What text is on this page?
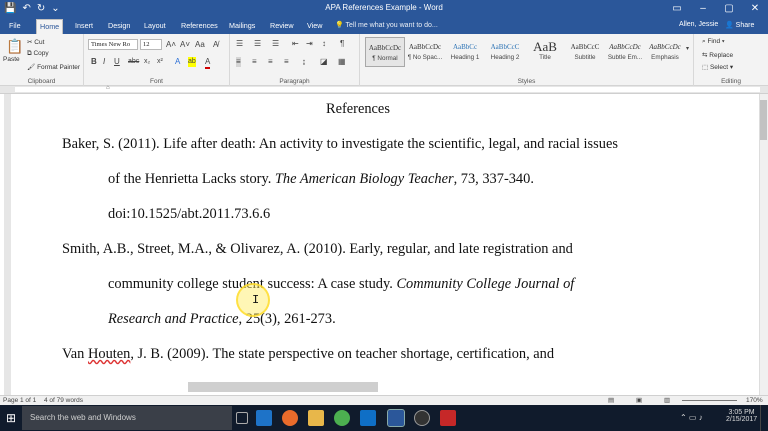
💾 ↶ ↻ ⌄	APA References Example - Word	▭	–	▢	✕
File	Home	Insert	Design	Layout	References	Mailings	Review	View	💡 Tell me what you want to do...	Allen, Jessie 👤 Share
📋
Paste
✂ Cut
⧉ Copy
🖌 Format Painter
Clipboard
Times New Ro	12	A˄ A˅ Aa A̸
B I U abc x₂ x² A ab A
Font
☰ ☰ ☰ ⇤ ⇥ ↕ ¶
≡ ≡ ≡ ≡ ↨ ◪ ▦
Paragraph
AaBbCcDc
¶ Normal
AaBbCcDc
¶ No Spac...
AaBbCc
Heading 1
AaBbCcC
Heading 2
AaB
Title
AaBbCcC
Subtitle
AaBbCcDc
Subtle Em...
AaBbCcDc
Emphasis
▾
Styles
⌕ Find ▾
⇆ Replace
⬚ Select ▾
Editing
⌂
References
Baker, S. (2011). Life after death: An activity to investigate the scientific, legal, and racial issues
of the Henrietta Lacks story. The American Biology Teacher, 73, 337-340.
doi:10.1525/abt.2011.73.6.6
Smith, A.B., Street, M.A., & Olivarez, A. (2010). Early, regular, and late registration and
community college student success: A case study. Community College Journal of
Research and Practice, 25(3), 261-273.
Van Houten, J. B. (2009). The state perspective on teacher shortage, certification, and
I
Page 1 of 1 4 of 79 words	▤	▣	▥	170%
⊞	Search the web and Windows	⌃ ▭ ♪
3:05 PM
2/15/2017
